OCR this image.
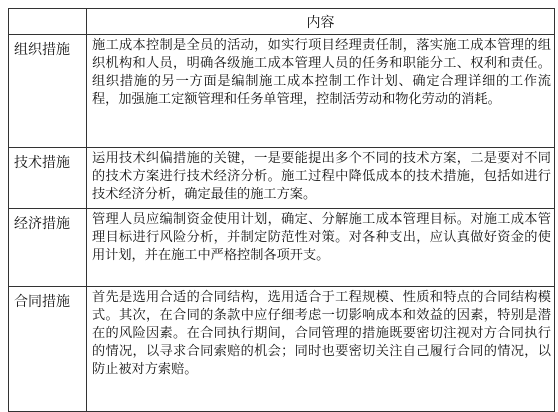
	内容
组织措施	施工成本控制是全员的活动，如实行项目经理责任制，落实施工成本管理的组织机构和人员，明确各级施工成本管理人员的任务和职能分工、权利和责任。组织措施的另一方面是编制施工成本控制工作计划、确定合理详细的工作流程，加强施工定额管理和任务单管理，控制活劳动和物化劳动的消耗。
技术措施	运用技术纠偏措施的关键，一是要能提出多个不同的技术方案，二是要对不同的技术方案进行技术经济分析。施工过程中降低成本的技术措施，包括如进行技术经济分析，确定最佳的施工方案。
经济措施	管理人员应编制资金使用计划，确定、分解施工成本管理目标。对施工成本管理目标进行风险分析，并制定防范性对策。对各种支出，应认真做好资金的使用计划，并在施工中严格控制各项开支。
合同措施	首先是选用合适的合同结构，选用适合于工程规模、性质和特点的合同结构模式。其次，在合同的条款中应仔细考虑一切影响成本和效益的因素，特别是潜在的风险因素。在合同执行期间，合同管理的措施既要密切注视对方合同执行的情况，以寻求合同索赔的机会；同时也要密切关注自己履行合同的情况，以防止被对方索赔。
